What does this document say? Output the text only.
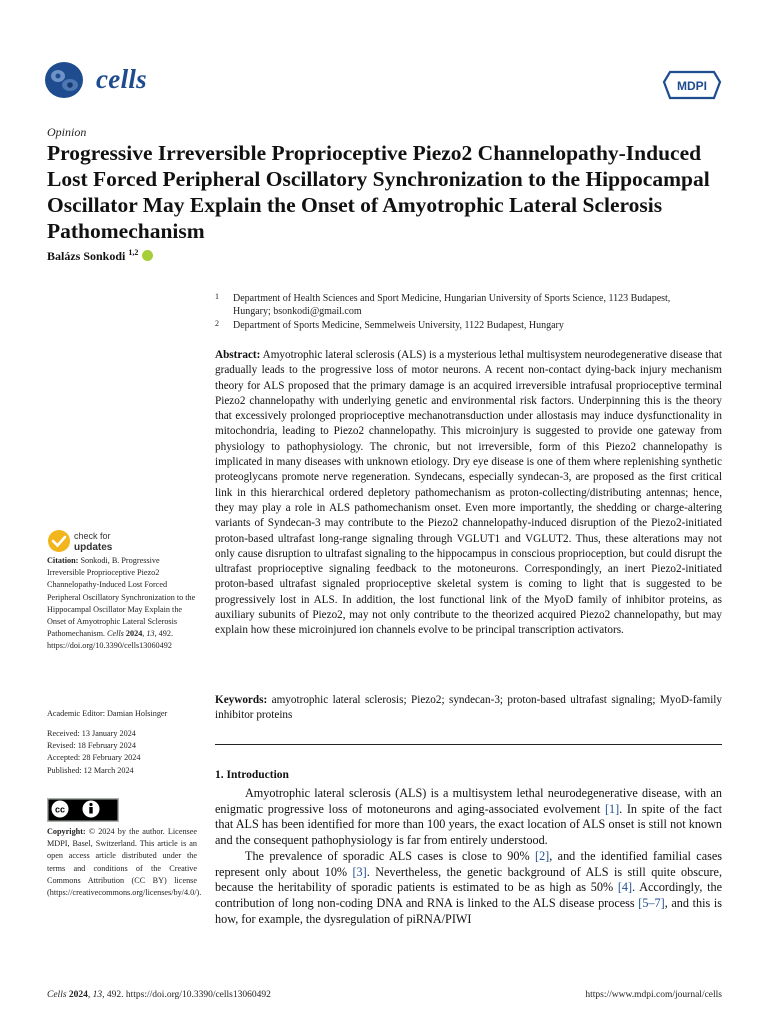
cells	MDPI
Opinion
Progressive Irreversible Proprioceptive Piezo2 Channelopathy-Induced Lost Forced Peripheral Oscillatory Synchronization to the Hippocampal Oscillator May Explain the Onset of Amyotrophic Lateral Sclerosis Pathomechanism
Balázs Sonkodi $^{1,2}$
1 Department of Health Sciences and Sport Medicine, Hungarian University of Sports Science, 1123 Budapest, Hungary; bsonkodi@gmail.com
2 Department of Sports Medicine, Semmelweis University, 1122 Budapest, Hungary
Abstract: Amyotrophic lateral sclerosis (ALS) is a mysterious lethal multisystem neurodegenerative disease that gradually leads to the progressive loss of motor neurons. A recent non-contact dying-back injury mechanism theory for ALS proposed that the primary damage is an acquired irreversible intrafusal proprioceptive terminal Piezo2 channelopathy with underlying genetic and environmental risk factors. Underpinning this is the theory that excessively prolonged proprioceptive mechanotransduction under allostasis may induce dysfunctionality in mitochondria, leading to Piezo2 channelopathy. This microinjury is suggested to provide one gateway from physiology to pathophysiology. The chronic, but not irreversible, form of this Piezo2 channelopathy is implicated in many diseases with unknown etiology. Dry eye disease is one of them where replenishing synthetic proteoglycans promote nerve regeneration. Syndecans, especially syndecan-3, are proposed as the first critical link in this hierarchical ordered depletory pathomechanism as proton-collecting/distributing antennas; hence, they may play a role in ALS pathomechanism onset. Even more importantly, the shedding or charge-altering variants of Syndecan-3 may contribute to the Piezo2 channelopathy-induced disruption of the Piezo2-initiated proton-based ultrafast long-range signaling through VGLUT1 and VGLUT2. Thus, these alterations may not only cause disruption to ultrafast signaling to the hippocampus in conscious proprioception, but could disrupt the ultrafast proprioceptive signaling feedback to the motoneurons. Correspondingly, an inert Piezo2-initiated proton-based ultrafast signaled proprioceptive skeletal system is coming to light that is suggested to be progressively lost in ALS. In addition, the lost functional link of the MyoD family of inhibitor proteins, as auxiliary subunits of Piezo2, may not only contribute to the theorized acquired Piezo2 channelopathy, but may explain how these microinjured ion channels evolve to be principal transcription activators.
Keywords: amyotrophic lateral sclerosis; Piezo2; syndecan-3; proton-based ultrafast signaling; MyoD-family inhibitor proteins
check for
updates
Citation: Sonkodi, B. Progressive Irreversible Proprioceptive Piezo2 Channelopathy-Induced Lost Forced Peripheral Oscillatory Synchronization to the Hippocampal Oscillator May Explain the Onset of Amyotrophic Lateral Sclerosis Pathomechanism. Cells 2024, 13, 492. https://doi.org/10.3390/cells13060492
Academic Editor: Damian Holsinger
Received: 13 January 2024
Revised: 18 February 2024
Accepted: 28 February 2024
Published: 12 March 2024
cc
Copyright: © 2024 by the author. Licensee MDPI, Basel, Switzerland. This article is an open access article distributed under the terms and conditions of the Creative Commons Attribution (CC BY) license (https://creativecommons.org/licenses/by/4.0/).
1. Introduction

Amyotrophic lateral sclerosis (ALS) is a multisystem lethal neurodegenerative disease, with an enigmatic progressive loss of motoneurons and aging-associated evolvement [1]. In spite of the fact that ALS has been identified for more than 100 years, the exact location of ALS onset is still not known and the consequent pathophysiology is far from entirely understood.

The prevalence of sporadic ALS cases is close to 90% [2], and the identified familial cases represent only about 10% [3]. Nevertheless, the genetic background of ALS is still quite obscure, because the heritability of sporadic patients is estimated to be as high as 50% [4]. Accordingly, the contribution of long non-coding DNA and RNA is linked to the ALS disease process [5–7], and this is how, for example, the dysregulation of piRNA/PIWI

Cells 2024, 13, 492. https://doi.org/10.3390/cells13060492	https://www.mdpi.com/journal/cells
